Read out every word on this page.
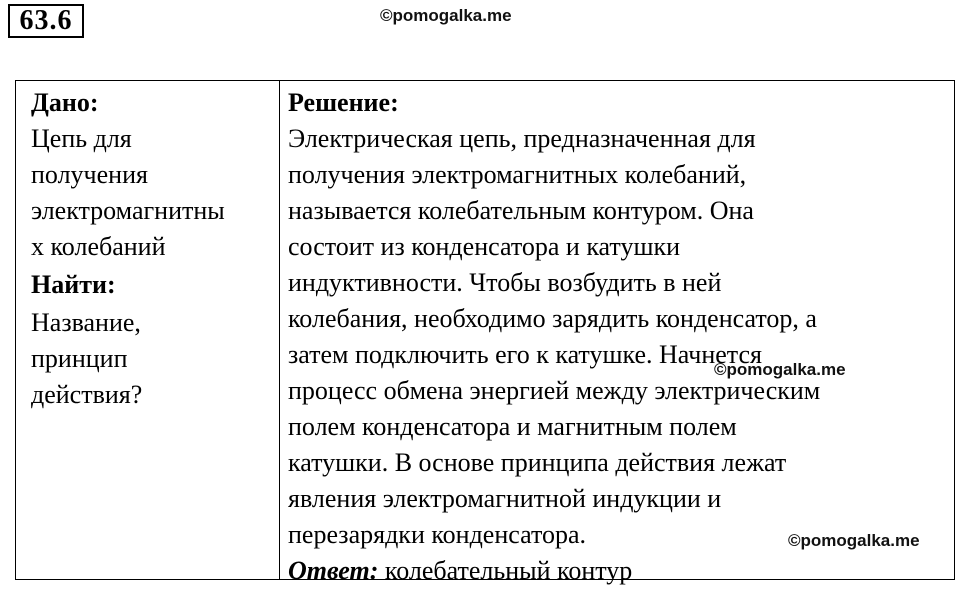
63.6	©pomogalka.me
Дано:
Цепь для
получения
электромагнитны
х колебаний
Найти:
Название,
принцип
действия?
Решение:
Электрическая цепь, предназначенная для
получения электромагнитных колебаний,
называется колебательным контуром. Она
состоит из конденсатора и катушки
индуктивности. Чтобы возбудить в ней
колебания, необходимо зарядить конденсатор, а
затем подключить его к катушке. Начнется
процесс обмена энергией между электрическим
полем конденсатора и магнитным полем
катушки. В основе принципа действия лежат
явления электромагнитной индукции и
перезарядки конденсатора.
Ответ: колебательный контур
©pomogalka.me
©pomogalka.me
